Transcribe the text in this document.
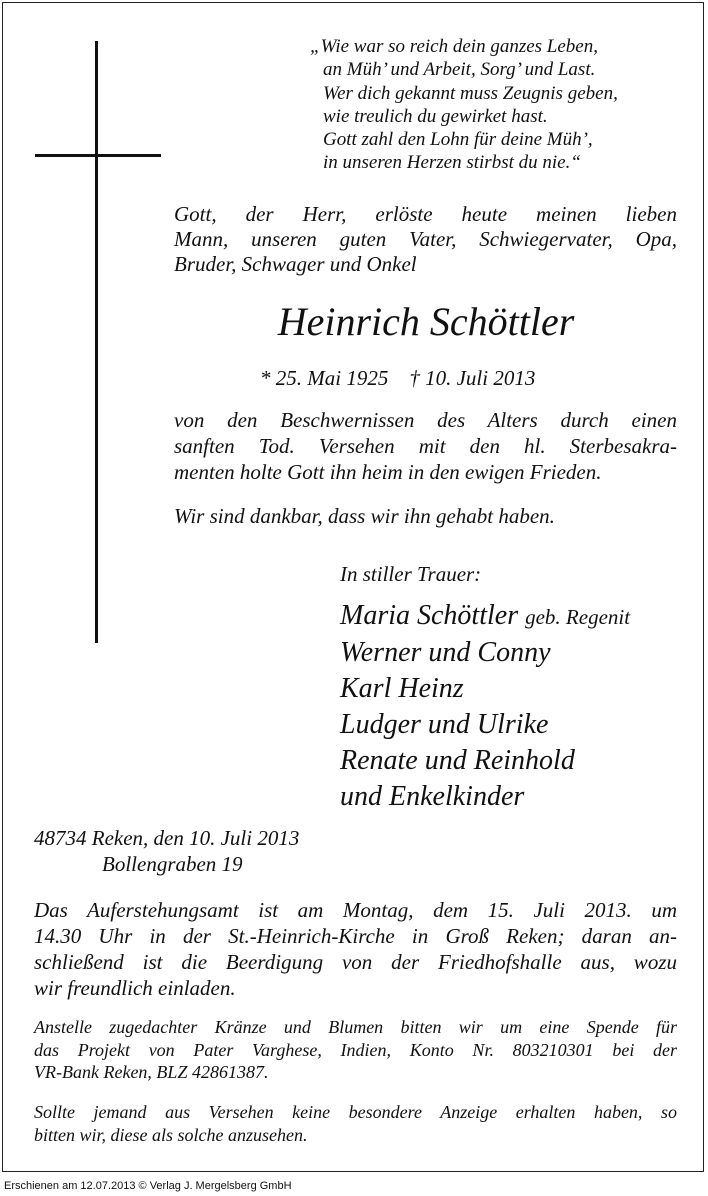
„Wie war so reich dein ganzes Leben,
an Müh’ und Arbeit, Sorg’ und Last.
Wer dich gekannt muss Zeugnis geben,
wie treulich du gewirket hast.
Gott zahl den Lohn für deine Müh’,
in unseren Herzen stirbst du nie.“
Gott, der Herr, erlöste heute meinen lieben
Mann, unseren guten Vater, Schwiegervater, Opa,
Bruder, Schwager und Onkel
Heinrich Schöttler
* 25. Mai 1925 † 10. Juli 2013
von den Beschwernissen des Alters durch einen
sanften Tod. Versehen mit den hl. Sterbesakra-
menten holte Gott ihn heim in den ewigen Frieden.
Wir sind dankbar, dass wir ihn gehabt haben.
In stiller Trauer:
Maria Schöttler geb. Regenit
Werner und Conny
Karl Heinz
Ludger und Ulrike
Renate und Reinhold
und Enkelkinder
48734 Reken, den 10. Juli 2013
Bollengraben 19
Das Auferstehungsamt ist am Montag, dem 15. Juli 2013. um
14.30 Uhr in der St.-Heinrich-Kirche in Groß Reken; daran an-
schließend ist die Beerdigung von der Friedhofshalle aus, wozu
wir freundlich einladen.
Anstelle zugedachter Kränze und Blumen bitten wir um eine Spende für
das Projekt von Pater Varghese, Indien, Konto Nr. 803210301 bei der
VR-Bank Reken, BLZ 42861387.
Sollte jemand aus Versehen keine besondere Anzeige erhalten haben, so
bitten wir, diese als solche anzusehen.
Erschienen am 12.07.2013 © Verlag J. Mergelsberg GmbH
